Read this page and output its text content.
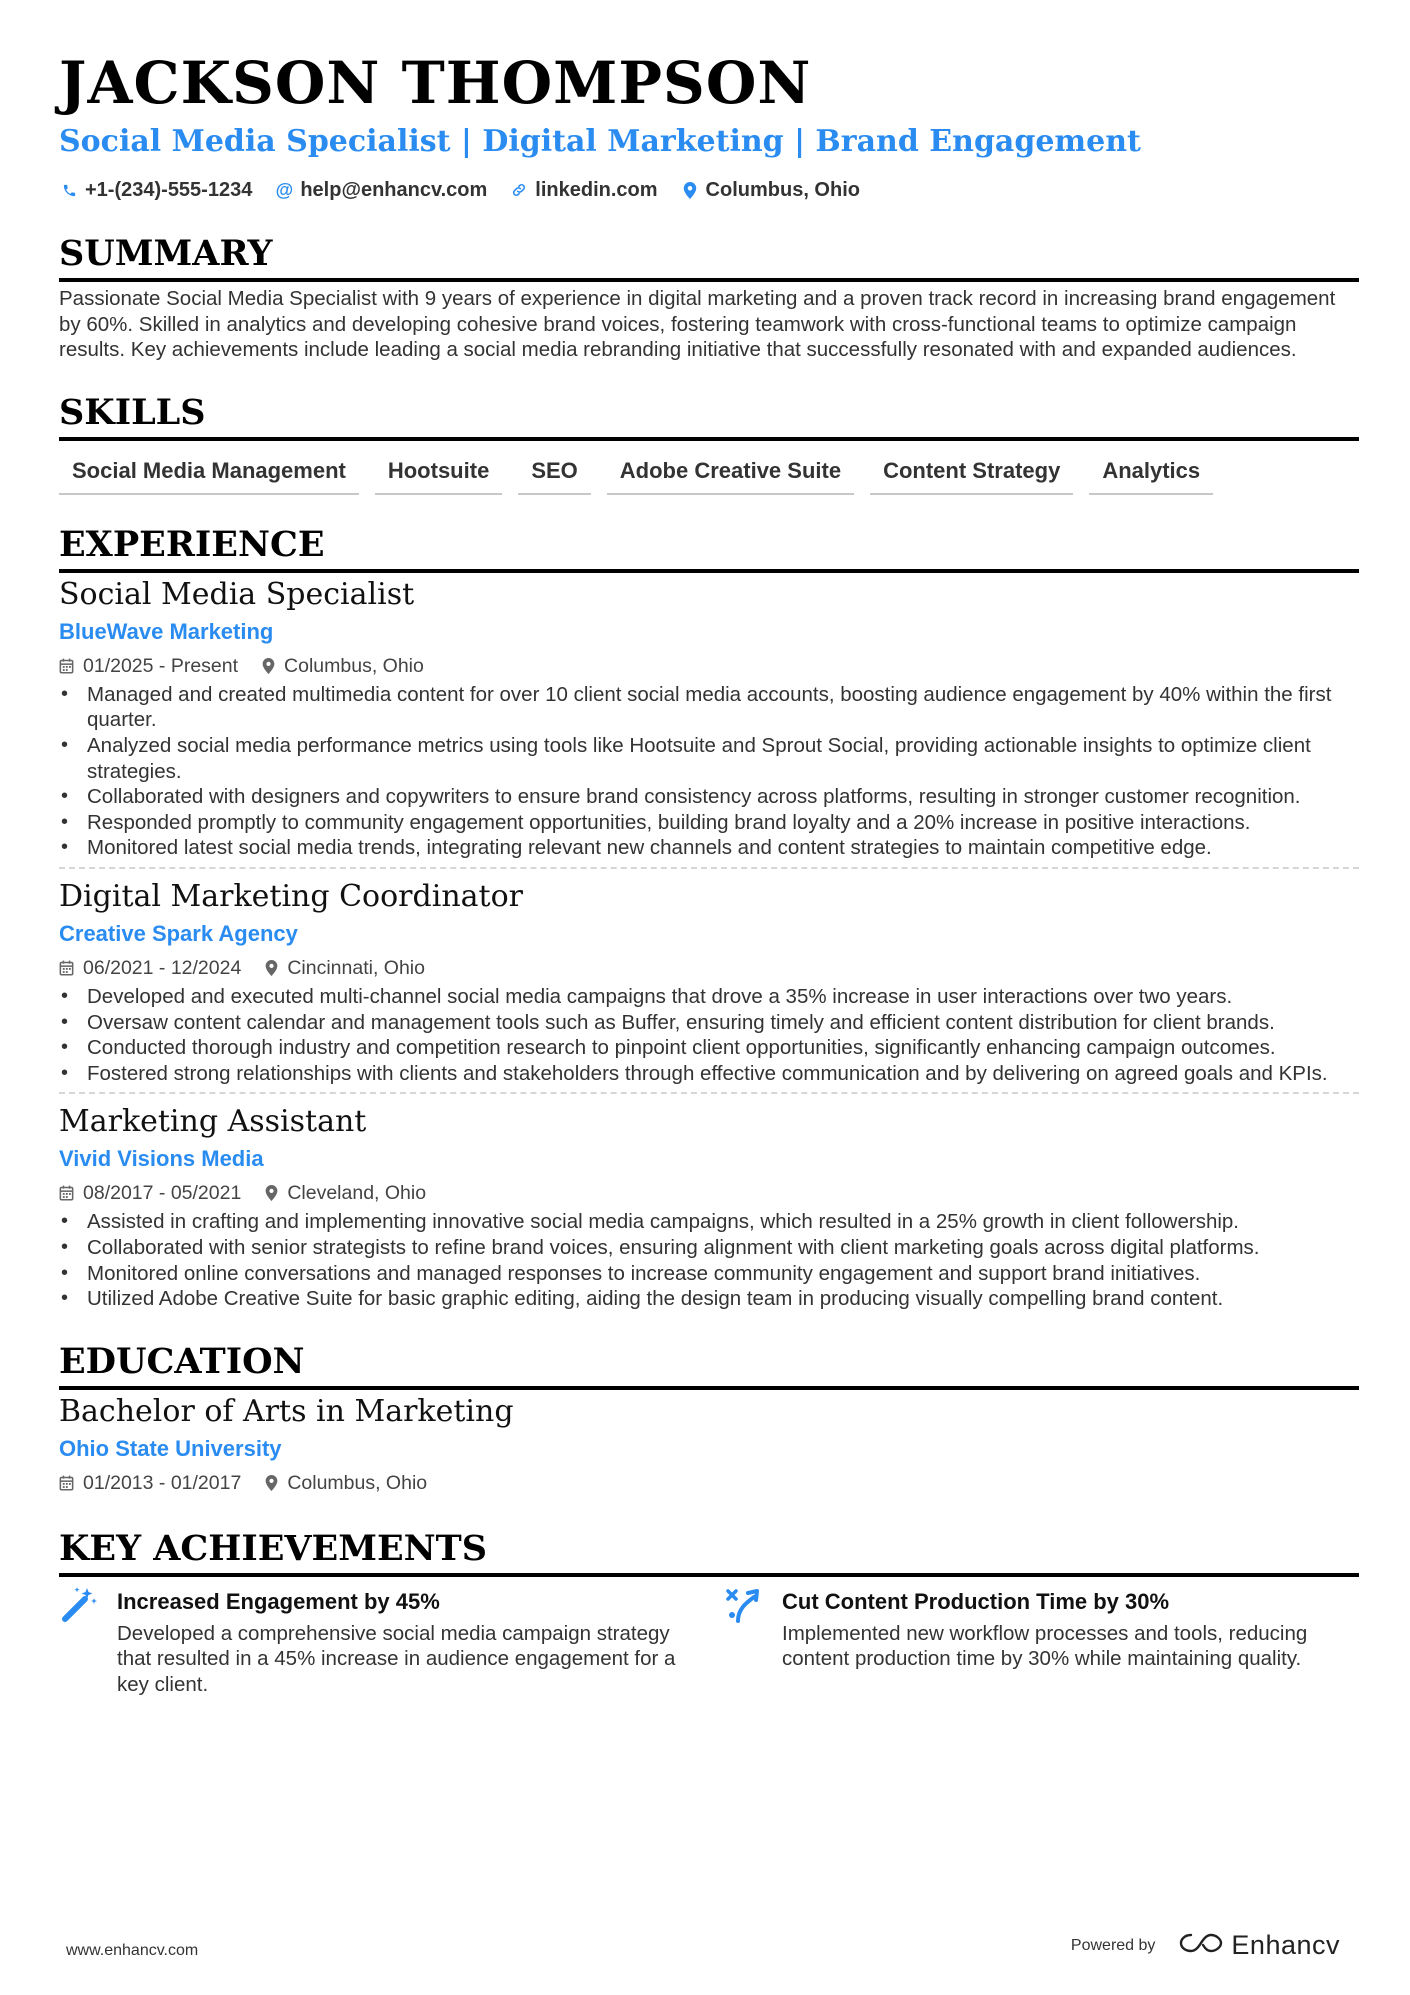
JACKSON THOMPSON
Social Media Specialist | Digital Marketing | Brand Engagement
+1-(234)-555-1234 @ help@enhancv.com linkedin.com Columbus, Ohio
SUMMARY
Passionate Social Media Specialist with 9 years of experience in digital marketing and a proven track record in increasing brand engagement by 60%. Skilled in analytics and developing cohesive brand voices, fostering teamwork with cross-functional teams to optimize campaign results. Key achievements include leading a social media rebranding initiative that successfully resonated with and expanded audiences.
SKILLS
Social Media Management	Hootsuite	SEO	Adobe Creative Suite	Content Strategy	Analytics
EXPERIENCE
Social Media Specialist
BlueWave Marketing
01/2025 - Present Columbus, Ohio
• Managed and created multimedia content for over 10 client social media accounts, boosting audience engagement by 40% within the first quarter.
• Analyzed social media performance metrics using tools like Hootsuite and Sprout Social, providing actionable insights to optimize client strategies.
• Collaborated with designers and copywriters to ensure brand consistency across platforms, resulting in stronger customer recognition.
• Responded promptly to community engagement opportunities, building brand loyalty and a 20% increase in positive interactions.
• Monitored latest social media trends, integrating relevant new channels and content strategies to maintain competitive edge.
Digital Marketing Coordinator
Creative Spark Agency
06/2021 - 12/2024 Cincinnati, Ohio
• Developed and executed multi-channel social media campaigns that drove a 35% increase in user interactions over two years.
• Oversaw content calendar and management tools such as Buffer, ensuring timely and efficient content distribution for client brands.
• Conducted thorough industry and competition research to pinpoint client opportunities, significantly enhancing campaign outcomes.
• Fostered strong relationships with clients and stakeholders through effective communication and by delivering on agreed goals and KPIs.
Marketing Assistant
Vivid Visions Media
08/2017 - 05/2021 Cleveland, Ohio
• Assisted in crafting and implementing innovative social media campaigns, which resulted in a 25% growth in client followership.
• Collaborated with senior strategists to refine brand voices, ensuring alignment with client marketing goals across digital platforms.
• Monitored online conversations and managed responses to increase community engagement and support brand initiatives.
• Utilized Adobe Creative Suite for basic graphic editing, aiding the design team in producing visually compelling brand content.
EDUCATION
Bachelor of Arts in Marketing
Ohio State University
01/2013 - 01/2017 Columbus, Ohio
KEY ACHIEVEMENTS
Increased Engagement by 45%
Developed a comprehensive social media campaign strategy that resulted in a 45% increase in audience engagement for a key client.
Cut Content Production Time by 30%
Implemented new workflow processes and tools, reducing content production time by 30% while maintaining quality.
www.enhancv.com	Powered by	Enhancv
